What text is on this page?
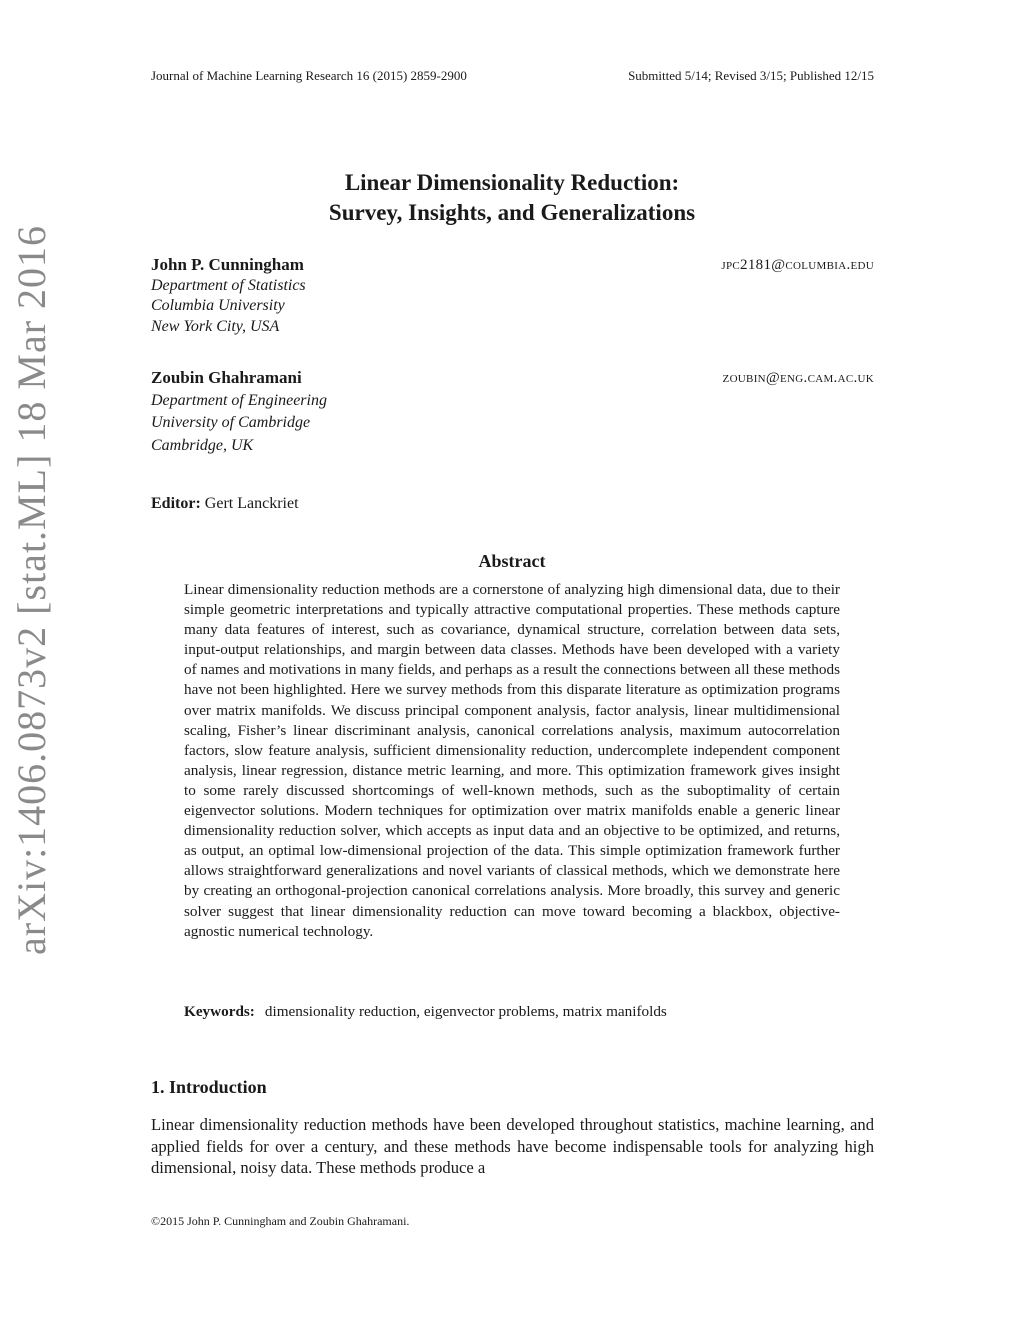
arXiv:1406.0873v2 [stat.ML] 18 Mar 2016
Journal of Machine Learning Research 16 (2015) 2859-2900	Submitted 5/14; Revised 3/15; Published 12/15
Linear Dimensionality Reduction:
Survey, Insights, and Generalizations
John P. Cunningham	jpc2181@columbia.edu
Department of Statistics
Columbia University
New York City, USA
Zoubin Ghahramani	zoubin@eng.cam.ac.uk
Department of Engineering
University of Cambridge
Cambridge, UK
Editor: Gert Lanckriet
Abstract
Linear dimensionality reduction methods are a cornerstone of analyzing high dimensional data, due to their simple geometric interpretations and typically attractive computational properties. These methods capture many data features of interest, such as covariance, dynamical structure, correlation between data sets, input-output relationships, and margin between data classes. Methods have been developed with a variety of names and motivations in many fields, and perhaps as a result the connections between all these methods have not been highlighted. Here we survey methods from this disparate literature as optimization programs over matrix manifolds. We discuss principal component analysis, factor analysis, linear multidimensional scaling, Fisher’s linear discriminant analysis, canonical correlations analysis, maximum autocorrelation factors, slow feature analysis, sufficient dimensionality reduction, undercomplete independent component analysis, linear regression, distance metric learning, and more. This optimization framework gives insight to some rarely discussed shortcomings of well-known methods, such as the suboptimality of certain eigenvector solutions. Modern techniques for optimization over matrix manifolds enable a generic linear dimensionality reduction solver, which accepts as input data and an objective to be optimized, and returns, as output, an optimal low-dimensional projection of the data. This simple optimization framework further allows straightforward generalizations and novel variants of classical methods, which we demonstrate here by creating an orthogonal-projection canonical correlations analysis. More broadly, this survey and generic solver suggest that linear dimensionality reduction can move toward becoming a blackbox, objective-agnostic numerical technology.
Keywords: dimensionality reduction, eigenvector problems, matrix manifolds
1. Introduction
Linear dimensionality reduction methods have been developed throughout statistics, machine learning, and applied fields for over a century, and these methods have become indispensable tools for analyzing high dimensional, noisy data. These methods produce a
©2015 John P. Cunningham and Zoubin Ghahramani.
